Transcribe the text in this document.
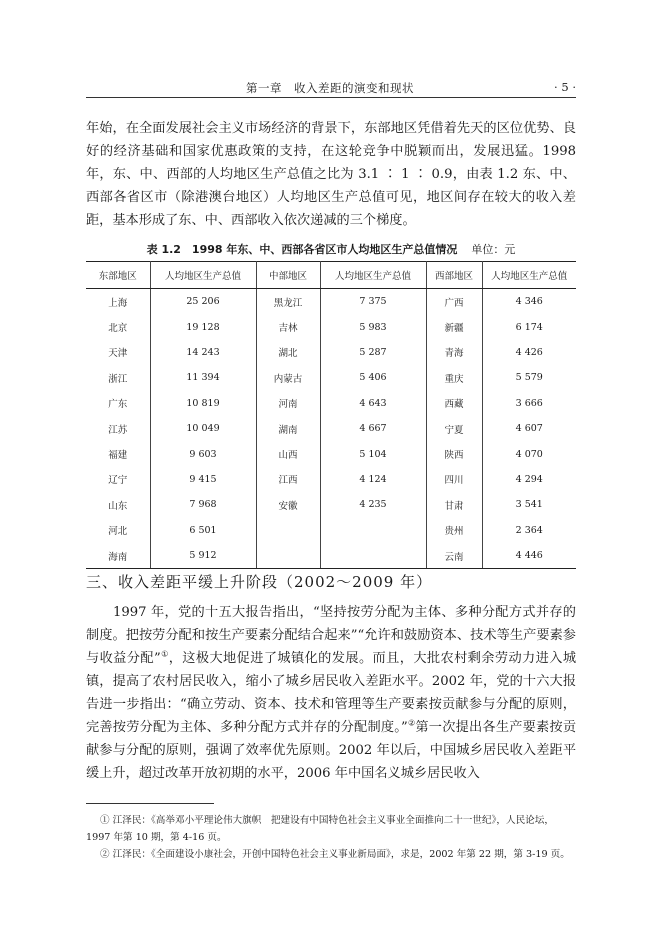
第一章　收入差距的演变和现状	· 5 ·

年始，在全面发展社会主义市场经济的背景下，东部地区凭借着先天的区位优势、良好的经济基础和国家优惠政策的支持，在这轮竞争中脱颖而出，发展迅猛。1998年，东、中、西部的人均地区生产总值之比为 3.1 ∶ 1 ∶ 0.9，由表 1.2 东、中、西部各省区市（除港澳台地区）人均地区生产总值可见，地区间存在较大的收入差距，基本形成了东、中、西部收入依次递减的三个梯度。

表 1.2　1998 年东、中、西部各省区市人均地区生产总值情况 单位：元
东部地区	人均地区生产总值	中部地区	人均地区生产总值	西部地区	人均地区生产总值
上海	25 206	黑龙江	7 375	广西	4 346
北京	19 128	吉林	5 983	新疆	6 174
天津	14 243	湖北	5 287	青海	4 426
浙江	11 394	内蒙古	5 406	重庆	5 579
广东	10 819	河南	4 643	西藏	3 666
江苏	10 049	湖南	4 667	宁夏	4 607
福建	9 603	山西	5 104	陕西	4 070
辽宁	9 415	江西	4 124	四川	4 294
山东	7 968	安徽	4 235	甘肃	3 541
河北	6 501			贵州	2 364
海南	5 912			云南	4 446
三、收入差距平缓上升阶段（2002～2009 年）

1997 年，党的十五大报告指出，“坚持按劳分配为主体、多种分配方式并存的制度。把按劳分配和按生产要素分配结合起来”“允许和鼓励资本、技术等生产要素参与收益分配”①，这极大地促进了城镇化的发展。而且，大批农村剩余劳动力进入城镇，提高了农村居民收入，缩小了城乡居民收入差距水平。2002 年，党的十六大报告进一步指出：“确立劳动、资本、技术和管理等生产要素按贡献参与分配的原则，完善按劳分配为主体、多种分配方式并存的分配制度。”②第一次提出各生产要素按贡献参与分配的原则，强调了效率优先原则。2002 年以后，中国城乡居民收入差距平缓上升，超过改革开放初期的水平，2006 年中国名义城乡居民收入

① 江泽民：《高举邓小平理论伟大旗帜　把建设有中国特色社会主义事业全面推向二十一世纪》，人民论坛，1997 年第 10 期，第 4-16 页。

② 江泽民：《全面建设小康社会，开创中国特色社会主义事业新局面》，求是，2002 年第 22 期，第 3-19 页。
